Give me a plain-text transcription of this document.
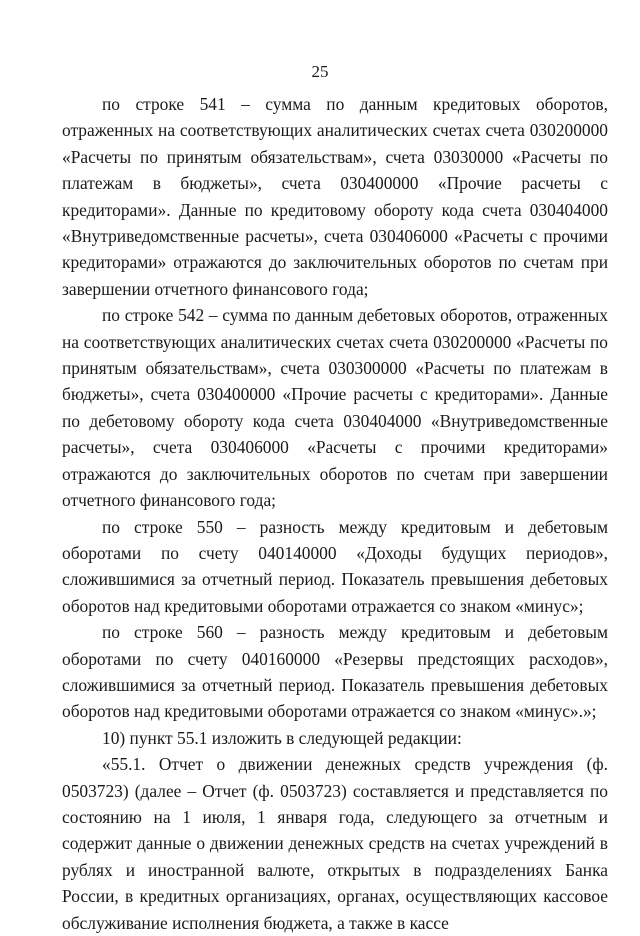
25

по строке 541 – сумма по данным кредитовых оборотов, отраженных на соответствующих аналитических счетах счета 030200000 «Расчеты по принятым обязательствам», счета 03030000 «Расчеты по платежам в бюджеты», счета 030400000 «Прочие расчеты с кредиторами». Данные по кредитовому обороту кода счета 030404000 «Внутриведомственные расчеты», счета 030406000 «Расчеты с прочими кредиторами» отражаются до заключительных оборотов по счетам при завершении отчетного финансового года;

по строке 542 – сумма по данным дебетовых оборотов, отраженных на соответствующих аналитических счетах счета 030200000 «Расчеты по принятым обязательствам», счета 030300000 «Расчеты по платежам в бюджеты», счета 030400000 «Прочие расчеты с кредиторами». Данные по дебетовому обороту кода счета 030404000 «Внутриведомственные расчеты», счета 030406000 «Расчеты с прочими кредиторами» отражаются до заключительных оборотов по счетам при завершении отчетного финансового года;

по строке 550 – разность между кредитовым и дебетовым оборотами по счету 040140000 «Доходы будущих периодов», сложившимися за отчетный период. Показатель превышения дебетовых оборотов над кредитовыми оборотами отражается со знаком «минус»;

по строке 560 – разность между кредитовым и дебетовым оборотами по счету 040160000 «Резервы предстоящих расходов», сложившимися за отчетный период. Показатель превышения дебетовых оборотов над кредитовыми оборотами отражается со знаком «минус».»;

10) пункт 55.1 изложить в следующей редакции:

«55.1. Отчет о движении денежных средств учреждения (ф. 0503723) (далее – Отчет (ф. 0503723) составляется и представляется по состоянию на 1 июля, 1 января года, следующего за отчетным и содержит данные о движении денежных средств на счетах учреждений в рублях и иностранной валюте, открытых в подразделениях Банка России, в кредитных организациях, органах, осуществляющих кассовое обслуживание исполнения бюджета, а также в кассе
